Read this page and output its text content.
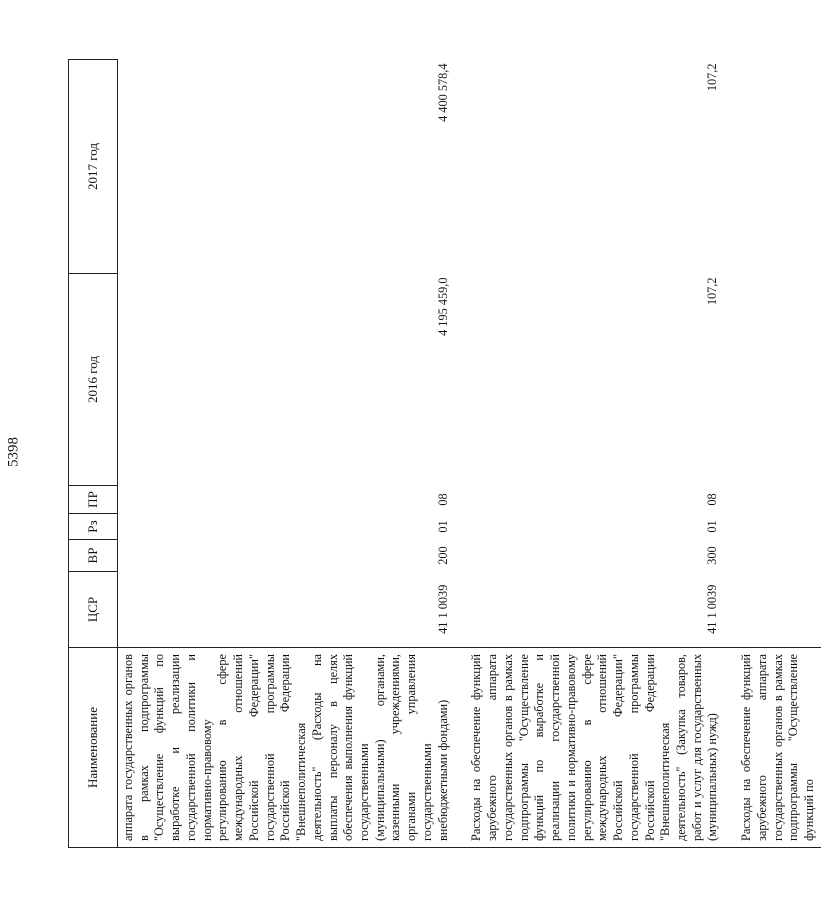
5398
Наименование	ЦСР	ВР	Рз	ПР	2016 год	2017 год
аппарата государственных органов в рамках подпрограммы "Осуществление функций по выработке и реализации государственной политики и нормативно-правовому регулированию в сфере международных отношений Российской Федерации" государственной программы Российской Федерации "Внешнеполитическая деятельность" (Расходы на выплаты персоналу в целях обеспечения выполнения функций государственными (муниципальными) органами, казенными учреждениями, органами управления государственными внебюджетными фондами)	41 1 0039	200	01	08	4 195 459,0	4 400 578,4

Расходы на обеспечение функций зарубежного аппарата государственных органов в рамках подпрограммы "Осуществление функций по выработке и реализации государственной политики и нормативно-правовому регулированию в сфере международных отношений Российской Федерации" государственной программы Российской Федерации "Внешнеполитическая деятельность" (Закупка товаров, работ и услуг для государственных (муниципальных) нужд)	41 1 0039	300	01	08	107,2	107,2

Расходы на обеспечение функций зарубежного аппарата государственных органов в рамках подпрограммы "Осуществление функций по						
